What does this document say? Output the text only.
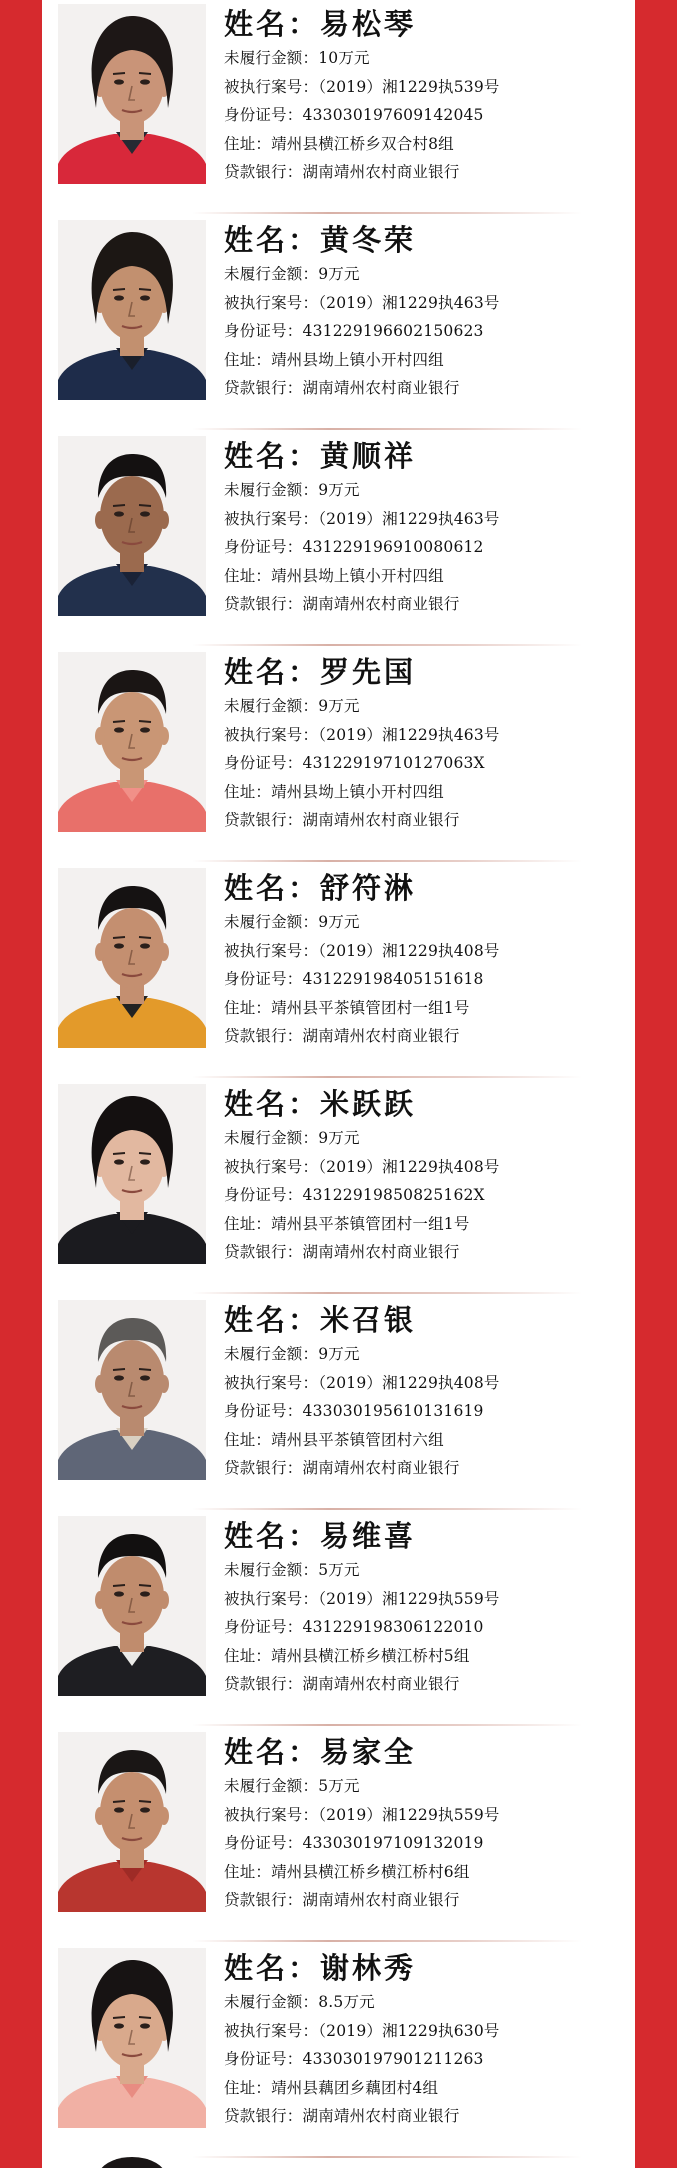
姓名：易松琴
未履行金额：10万元
被执行案号：（2019）湘1229执539号
身份证号：433030197609142045
住址：靖州县横江桥乡双合村8组
贷款银行：湖南靖州农村商业银行
姓名：黄冬荣
未履行金额：9万元
被执行案号：（2019）湘1229执463号
身份证号：431229196602150623
住址：靖州县坳上镇小开村四组
贷款银行：湖南靖州农村商业银行
姓名：黄顺祥
未履行金额：9万元
被执行案号：（2019）湘1229执463号
身份证号：431229196910080612
住址：靖州县坳上镇小开村四组
贷款银行：湖南靖州农村商业银行
姓名：罗先国
未履行金额：9万元
被执行案号：（2019）湘1229执463号
身份证号：43122919710127063X
住址：靖州县坳上镇小开村四组
贷款银行：湖南靖州农村商业银行
姓名：舒符淋
未履行金额：9万元
被执行案号：（2019）湘1229执408号
身份证号：431229198405151618
住址：靖州县平茶镇管团村一组1号
贷款银行：湖南靖州农村商业银行
姓名：米跃跃
未履行金额：9万元
被执行案号：（2019）湘1229执408号
身份证号：43122919850825162X
住址：靖州县平茶镇管团村一组1号
贷款银行：湖南靖州农村商业银行
姓名：米召银
未履行金额：9万元
被执行案号：（2019）湘1229执408号
身份证号：433030195610131619
住址：靖州县平茶镇管团村六组
贷款银行：湖南靖州农村商业银行
姓名：易维喜
未履行金额：5万元
被执行案号：（2019）湘1229执559号
身份证号：431229198306122010
住址：靖州县横江桥乡横江桥村5组
贷款银行：湖南靖州农村商业银行
姓名：易家全
未履行金额：5万元
被执行案号：（2019）湘1229执559号
身份证号：433030197109132019
住址：靖州县横江桥乡横江桥村6组
贷款银行：湖南靖州农村商业银行
姓名：谢林秀
未履行金额：8.5万元
被执行案号：（2019）湘1229执630号
身份证号：433030197901211263
住址：靖州县藕团乡藕团村4组
贷款银行：湖南靖州农村商业银行
